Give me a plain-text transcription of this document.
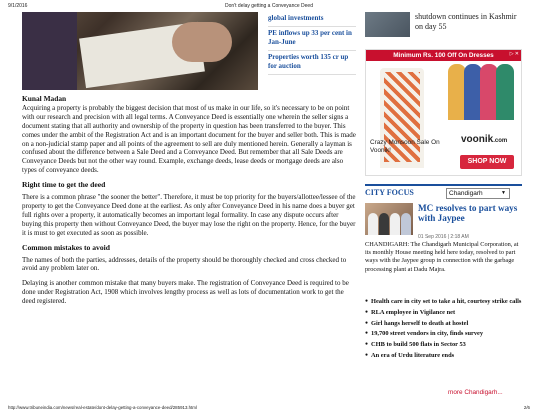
9/1/2016	Don't delay getting a Conveyance Deed
global investments
PE inflows up 33 per cent in Jan-June
Properties worth 135 cr up for auction
Kunal Madan

Acquiring a property is probably the biggest decision that most of us make in our life, so it's necessary to be on point with our research and precision with all legal terms. A Conveyance Deed is essentially one wherein the seller signs a document stating that all authority and ownership of the property in question has been transferred to the buyer. This comes under the ambit of the Registration Act and is an important document for the buyer and seller both. This is made on a non-judicial stamp paper and all points of the agreement to sell are duly mentioned herein. Generally a layman is confused about the difference between a Sale Deed and a Conveyance Deed. But remember that all Sale Deeds are Conveyance Deeds but not the other way round. Example, exchange deeds, lease deeds or mortgage deeds are also types of conveyance deeds.

Right time to get the deed

There is a common phrase "the sooner the better". Therefore, it must be top priority for the buyers/allottee/lessee of the property to get the Conveyance Deed done at the earliest. As only after Conveyance Deed in his name does a buyer get full rights over a property, it automatically becomes an important legal formality. In case any dispute occurs after buying this property then without Conveyance Deed, the buyer may lose the right on the property. Hence, for the buyer it is must to get executed as soon as possible.

Common mistakes to avoid

The names of both the parties, addresses, details of the property should be thoroughly checked and cross checked to avoid any problem later on.

Delaying is another common mistake that many buyers make. The registration of Conveyance Deed is required to be done under Registration Act, 1908 which involves lengthy process as well as lots of documentation work to get the deed registered.

shutdown continues in Kashmir on day 55
Minimum Rs. 100 Off On Dresses	▷ ✕
Crazy Monsoon Sale On Voonik!
voonik.com
SHOP NOW
CITY FOCUS	Chandigarh	▼
MC resolves to part ways with Jaypee
01 Sep 2016 | 2:18 AM
CHANDIGARH: The Chandigarh Municipal Corporation, at its monthly House meeting held here today, resolved to part ways with the Jaypee group in connection with the garbage processing plant at Dadu Majra.
● Health care in city set to take a hit, courtesy strike calls
● RLA employee in Vigilance net
● Girl hangs herself to death at hostel
● 19,700 street vendors in city, finds survey
● CHB to build 500 flats in Sector 53
● An era of Urdu literature ends
more Chandigarh...
http://www.tribuneindia.com/news/real-estate/dont-delay-getting-a-conveyance-deed/285913.html	2/6
